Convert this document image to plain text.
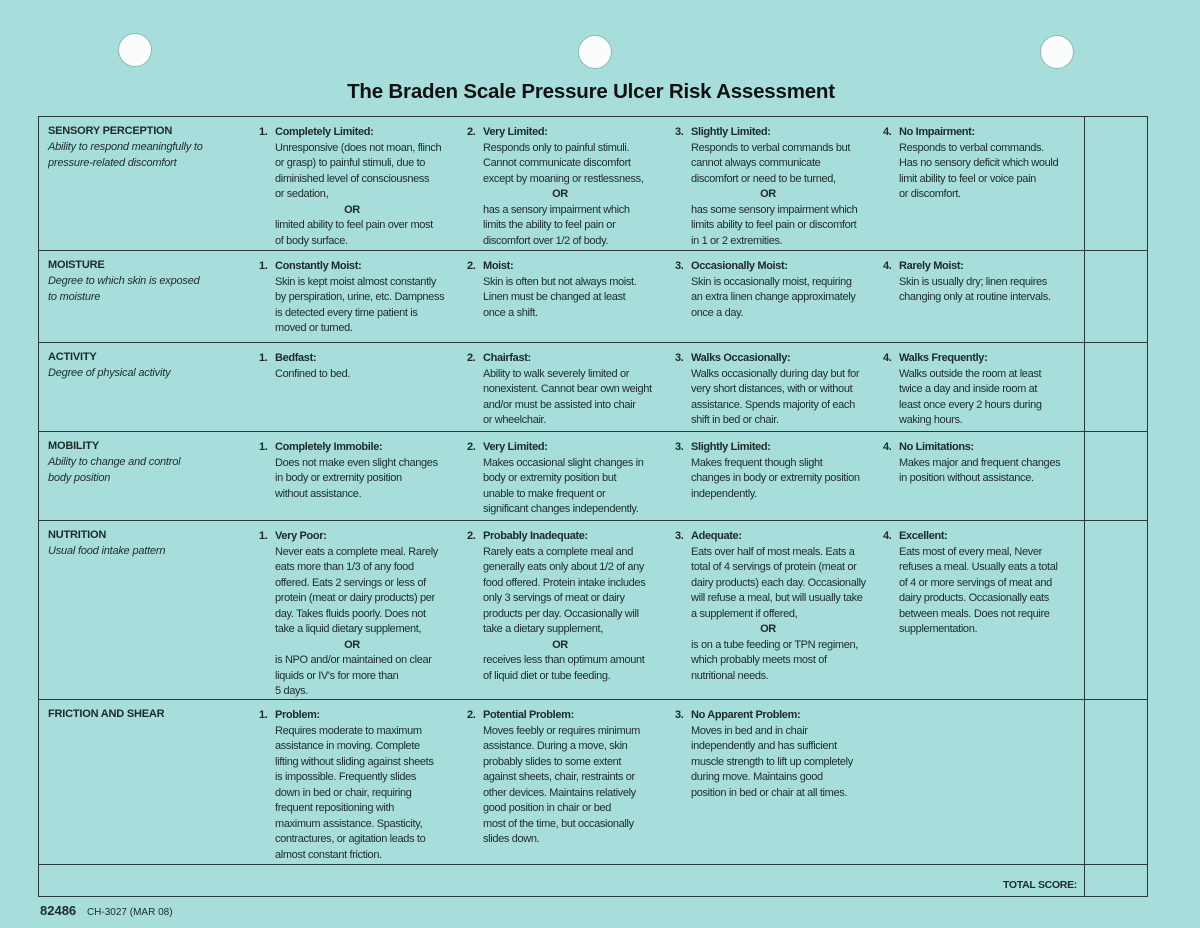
The Braden Scale Pressure Ulcer Risk Assessment
SENSORY PERCEPTION
Ability to respond meaningfully to
pressure-related discomfort
1. Completely Limited:
Unresponsive (does not moan, flinch
or grasp) to painful stimuli, due to
diminished level of consciousness
or sedation,
OR
limited ability to feel pain over most
of body surface.
2. Very Limited:
Responds only to painful stimuli.
Cannot communicate discomfort
except by moaning or restlessness,
OR
has a sensory impairment which
limits the ability to feel pain or
discomfort over 1/2 of body.
3. Slightly Limited:
Responds to verbal commands but
cannot always communicate
discomfort or need to be turned,
OR
has some sensory impairment which
limits ability to feel pain or discomfort
in 1 or 2 extremities.
4. No Impairment:
Responds to verbal commands.
Has no sensory deficit which would
limit ability to feel or voice pain
or discomfort.
MOISTURE
Degree to which skin is exposed
to moisture
1. Constantly Moist:
Skin is kept moist almost constantly
by perspiration, urine, etc. Dampness
is detected every time patient is
moved or turned.
2. Moist:
Skin is often but not always moist.
Linen must be changed at least
once a shift.
3. Occasionally Moist:
Skin is occasionally moist, requiring
an extra linen change approximately
once a day.
4. Rarely Moist:
Skin is usually dry; linen requires
changing only at routine intervals.
ACTIVITY
Degree of physical activity
1. Bedfast:
Confined to bed.
2. Chairfast:
Ability to walk severely limited or
nonexistent. Cannot bear own weight
and/or must be assisted into chair
or wheelchair.
3. Walks Occasionally:
Walks occasionally during day but for
very short distances, with or without
assistance. Spends majority of each
shift in bed or chair.
4. Walks Frequently:
Walks outside the room at least
twice a day and inside room at
least once every 2 hours during
waking hours.
MOBILITY
Ability to change and control
body position
1. Completely Immobile:
Does not make even slight changes
in body or extremity position
without assistance.
2. Very Limited:
Makes occasional slight changes in
body or extremity position but
unable to make frequent or
significant changes independently.
3. Slightly Limited:
Makes frequent though slight
changes in body or extremity position
independently.
4. No Limitations:
Makes major and frequent changes
in position without assistance.
NUTRITION
Usual food intake pattern
1. Very Poor:
Never eats a complete meal. Rarely
eats more than 1/3 of any food
offered. Eats 2 servings or less of
protein (meat or dairy products) per
day. Takes fluids poorly. Does not
take a liquid dietary supplement,
OR
is NPO and/or maintained on clear
liquids or IV's for more than
5 days.
2. Probably Inadequate:
Rarely eats a complete meal and
generally eats only about 1/2 of any
food offered. Protein intake includes
only 3 servings of meat or dairy
products per day. Occasionally will
take a dietary supplement,
OR
receives less than optimum amount
of liquid diet or tube feeding.
3. Adequate:
Eats over half of most meals. Eats a
total of 4 servings of protein (meat or
dairy products) each day. Occasionally
will refuse a meal, but will usually take
a supplement if offered,
OR
is on a tube feeding or TPN regimen,
which probably meets most of
nutritional needs.
4. Excellent:
Eats most of every meal, Never
refuses a meal. Usually eats a total
of 4 or more servings of meat and
dairy products. Occasionally eats
between meals. Does not require
supplementation.
FRICTION AND SHEAR	1. Problem:
Requires moderate to maximum
assistance in moving. Complete
lifting without sliding against sheets
is impossible. Frequently slides
down in bed or chair, requiring
frequent repositioning with
maximum assistance. Spasticity,
contractures, or agitation leads to
almost constant friction.
2. Potential Problem:
Moves feebly or requires minimum
assistance. During a move, skin
probably slides to some extent
against sheets, chair, restraints or
other devices. Maintains relatively
good position in chair or bed
most of the time, but occasionally
slides down.
3. No Apparent Problem:
Moves in bed and in chair
independently and has sufficient
muscle strength to lift up completely
during move. Maintains good
position in bed or chair at all times.
TOTAL SCORE:
82486 CH-3027 (MAR 08)
